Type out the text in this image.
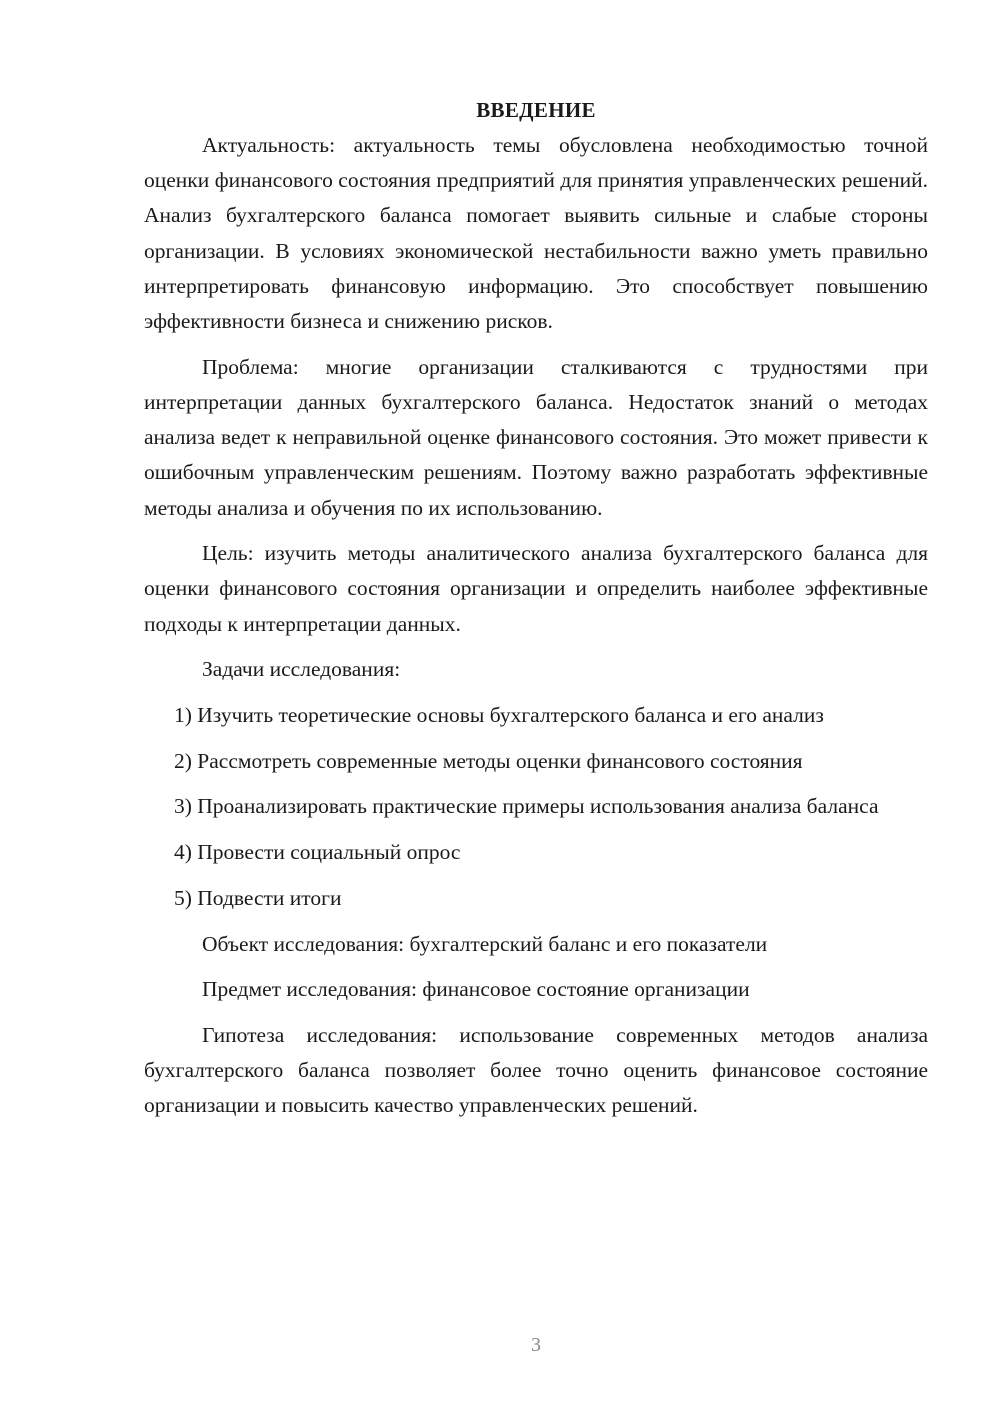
ВВЕДЕНИЕ

Актуальность: актуальность темы обусловлена необходимостью точной оценки финансового состояния предприятий для принятия управленческих решений. Анализ бухгалтерского баланса помогает выявить сильные и слабые стороны организации. В условиях экономической нестабильности важно уметь правильно интерпретировать финансовую информацию. Это способствует повышению эффективности бизнеса и снижению рисков.

Проблема: многие организации сталкиваются с трудностями при интерпретации данных бухгалтерского баланса. Недостаток знаний о методах анализа ведет к неправильной оценке финансового состояния. Это может привести к ошибочным управленческим решениям. Поэтому важно разработать эффективные методы анализа и обучения по их использованию.

Цель: изучить методы аналитического анализа бухгалтерского баланса для оценки финансового состояния организации и определить наиболее эффективные подходы к интерпретации данных.

Задачи исследования:

1) Изучить теоретические основы бухгалтерского баланса и его анализ

2) Рассмотреть современные методы оценки финансового состояния

3) Проанализировать практические примеры использования анализа баланса

4) Провести социальный опрос

5) Подвести итоги

Объект исследования: бухгалтерский баланс и его показатели

Предмет исследования: финансовое состояние организации

Гипотеза исследования: использование современных методов анализа бухгалтерского баланса позволяет более точно оценить финансовое состояние организации и повысить качество управленческих решений.

3
